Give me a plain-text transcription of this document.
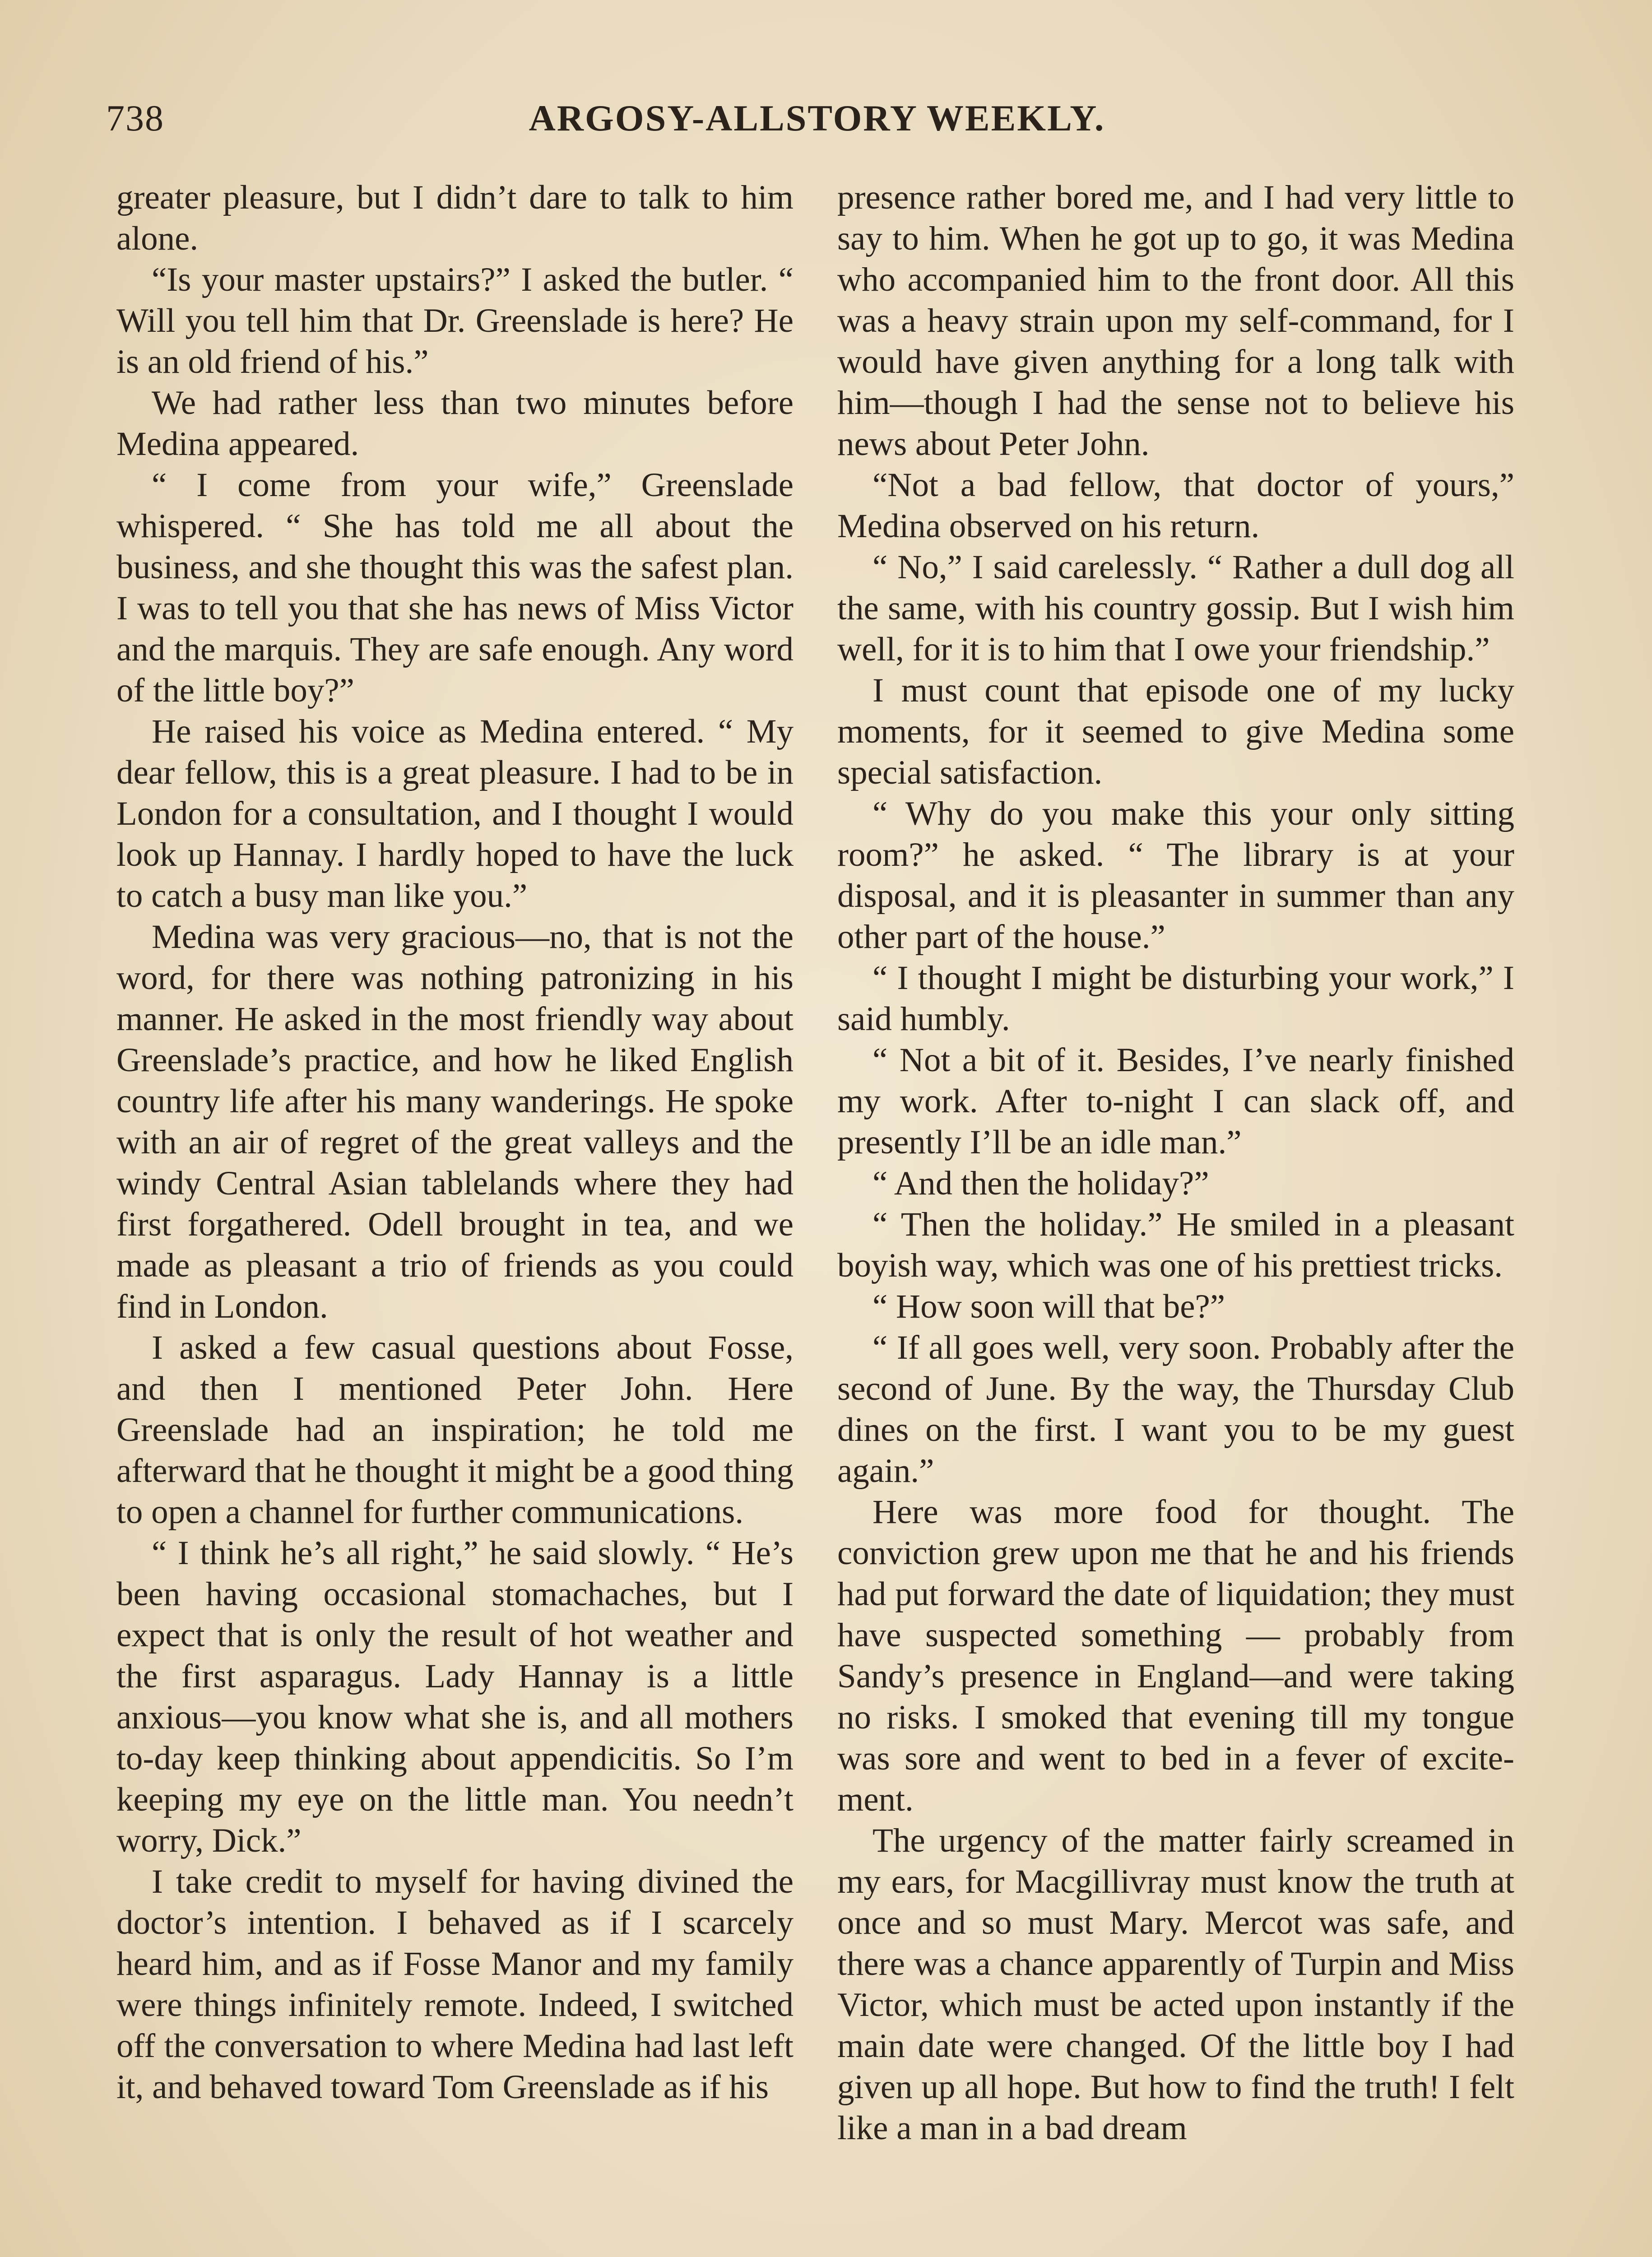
738	ARGOSY-ALLSTORY WEEKLY.

greater pleasure, but I didn’t dare to talk to him alone.

“Is your master upstairs?” I asked the butler. “ Will you tell him that Dr. Greenslade is here? He is an old friend of his.”

We had rather less than two minutes before Medina appeared.

“ I come from your wife,” Greenslade whispered. “ She has told me all about the business, and she thought this was the safest plan. I was to tell you that she has news of Miss Victor and the marquis. They are safe enough. Any word of the little boy?”

He raised his voice as Medina entered. “ My dear fellow, this is a great pleasure. I had to be in London for a consultation, and I thought I would look up Hannay. I hardly hoped to have the luck to catch a busy man like you.”

Medina was very gracious—no, that is not the word, for there was nothing patronizing in his manner. He asked in the most friendly way about Greenslade’s practice, and how he liked English country life after his many wanderings. He spoke with an air of regret of the great valleys and the windy Central Asian tablelands where they had first forgathered. Odell brought in tea, and we made as pleasant a trio of friends as you could find in London.

I asked a few casual questions about Fosse, and then I mentioned Peter John. Here Greenslade had an inspiration; he told me afterward that he thought it might be a good thing to open a channel for further communications.

“ I think he’s all right,” he said slowly. “ He’s been having occasional stomachaches, but I expect that is only the result of hot weather and the first asparagus. Lady Hannay is a little anxious—you know what she is, and all mothers to-day keep thinking about appendicitis. So I’m keeping my eye on the little man. You needn’t worry, Dick.”

I take credit to myself for having divined the doctor’s intention. I behaved as if I scarcely heard him, and as if Fosse Manor and my family were things infinitely remote. Indeed, I switched off the conversation to where Medina had last left it, and behaved toward Tom Greenslade as if his

presence rather bored me, and I had very little to say to him. When he got up to go, it was Medina who accompanied him to the front door. All this was a heavy strain upon my self-command, for I would have given anything for a long talk with him—though I had the sense not to believe his news about Peter John.

“Not a bad fellow, that doctor of yours,” Medina observed on his return.

“ No,” I said carelessly. “ Rather a dull dog all the same, with his country gossip. But I wish him well, for it is to him that I owe your friendship.”

I must count that episode one of my lucky moments, for it seemed to give Medina some special satisfaction.

“ Why do you make this your only sitting room?” he asked. “ The library is at your disposal, and it is pleasanter in summer than any other part of the house.”

“ I thought I might be disturbing your work,” I said humbly.

“ Not a bit of it. Besides, I’ve nearly finished my work. After to-night I can slack off, and presently I’ll be an idle man.”

“ And then the holiday?”

“ Then the holiday.” He smiled in a pleasant boyish way, which was one of his prettiest tricks.

“ How soon will that be?”

“ If all goes well, very soon. Probably after the second of June. By the way, the Thursday Club dines on the first. I want you to be my guest again.”

Here was more food for thought. The conviction grew upon me that he and his friends had put forward the date of liquidation; they must have suspected something — probably from Sandy’s presence in England—and were taking no risks. I smoked that evening till my tongue was sore and went to bed in a fever of excitement.

The urgency of the matter fairly screamed in my ears, for Macgillivray must know the truth at once and so must Mary. Mercot was safe, and there was a chance apparently of Turpin and Miss Victor, which must be acted upon instantly if the main date were changed. Of the little boy I had given up all hope. But how to find the truth! I felt like a man in a bad dream
